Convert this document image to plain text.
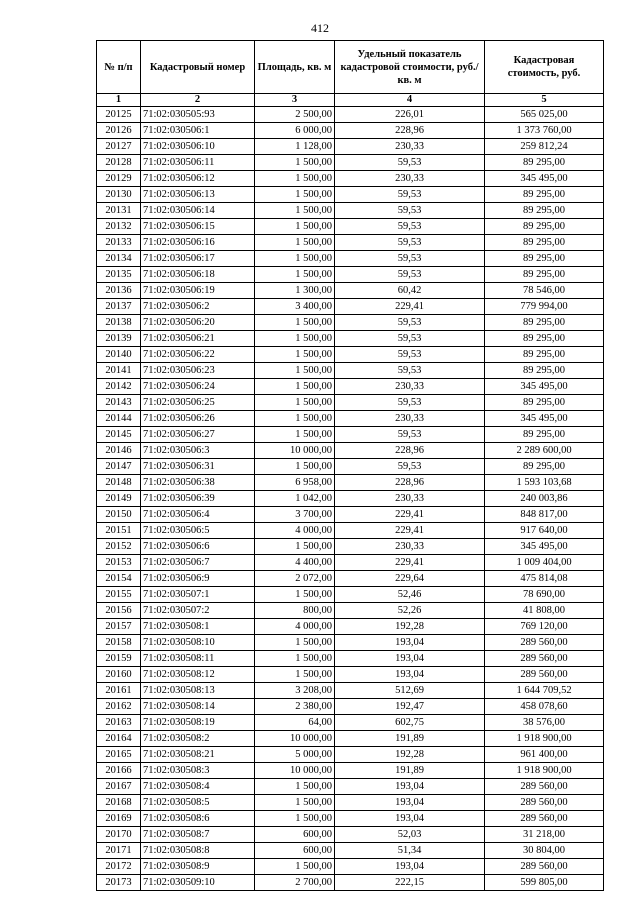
412
№ п/п	Кадастровый номер	Площадь, кв. м	Удельный показатель кадастровой стоимости, руб./кв. м	Кадастровая стоимость, руб.
1	2	3	4	5
20125	71:02:030505:93	2 500,00	226,01	565 025,00
20126	71:02:030506:1	6 000,00	228,96	1 373 760,00
20127	71:02:030506:10	1 128,00	230,33	259 812,24
20128	71:02:030506:11	1 500,00	59,53	89 295,00
20129	71:02:030506:12	1 500,00	230,33	345 495,00
20130	71:02:030506:13	1 500,00	59,53	89 295,00
20131	71:02:030506:14	1 500,00	59,53	89 295,00
20132	71:02:030506:15	1 500,00	59,53	89 295,00
20133	71:02:030506:16	1 500,00	59,53	89 295,00
20134	71:02:030506:17	1 500,00	59,53	89 295,00
20135	71:02:030506:18	1 500,00	59,53	89 295,00
20136	71:02:030506:19	1 300,00	60,42	78 546,00
20137	71:02:030506:2	3 400,00	229,41	779 994,00
20138	71:02:030506:20	1 500,00	59,53	89 295,00
20139	71:02:030506:21	1 500,00	59,53	89 295,00
20140	71:02:030506:22	1 500,00	59,53	89 295,00
20141	71:02:030506:23	1 500,00	59,53	89 295,00
20142	71:02:030506:24	1 500,00	230,33	345 495,00
20143	71:02:030506:25	1 500,00	59,53	89 295,00
20144	71:02:030506:26	1 500,00	230,33	345 495,00
20145	71:02:030506:27	1 500,00	59,53	89 295,00
20146	71:02:030506:3	10 000,00	228,96	2 289 600,00
20147	71:02:030506:31	1 500,00	59,53	89 295,00
20148	71:02:030506:38	6 958,00	228,96	1 593 103,68
20149	71:02:030506:39	1 042,00	230,33	240 003,86
20150	71:02:030506:4	3 700,00	229,41	848 817,00
20151	71:02:030506:5	4 000,00	229,41	917 640,00
20152	71:02:030506:6	1 500,00	230,33	345 495,00
20153	71:02:030506:7	4 400,00	229,41	1 009 404,00
20154	71:02:030506:9	2 072,00	229,64	475 814,08
20155	71:02:030507:1	1 500,00	52,46	78 690,00
20156	71:02:030507:2	800,00	52,26	41 808,00
20157	71:02:030508:1	4 000,00	192,28	769 120,00
20158	71:02:030508:10	1 500,00	193,04	289 560,00
20159	71:02:030508:11	1 500,00	193,04	289 560,00
20160	71:02:030508:12	1 500,00	193,04	289 560,00
20161	71:02:030508:13	3 208,00	512,69	1 644 709,52
20162	71:02:030508:14	2 380,00	192,47	458 078,60
20163	71:02:030508:19	64,00	602,75	38 576,00
20164	71:02:030508:2	10 000,00	191,89	1 918 900,00
20165	71:02:030508:21	5 000,00	192,28	961 400,00
20166	71:02:030508:3	10 000,00	191,89	1 918 900,00
20167	71:02:030508:4	1 500,00	193,04	289 560,00
20168	71:02:030508:5	1 500,00	193,04	289 560,00
20169	71:02:030508:6	1 500,00	193,04	289 560,00
20170	71:02:030508:7	600,00	52,03	31 218,00
20171	71:02:030508:8	600,00	51,34	30 804,00
20172	71:02:030508:9	1 500,00	193,04	289 560,00
20173	71:02:030509:10	2 700,00	222,15	599 805,00
